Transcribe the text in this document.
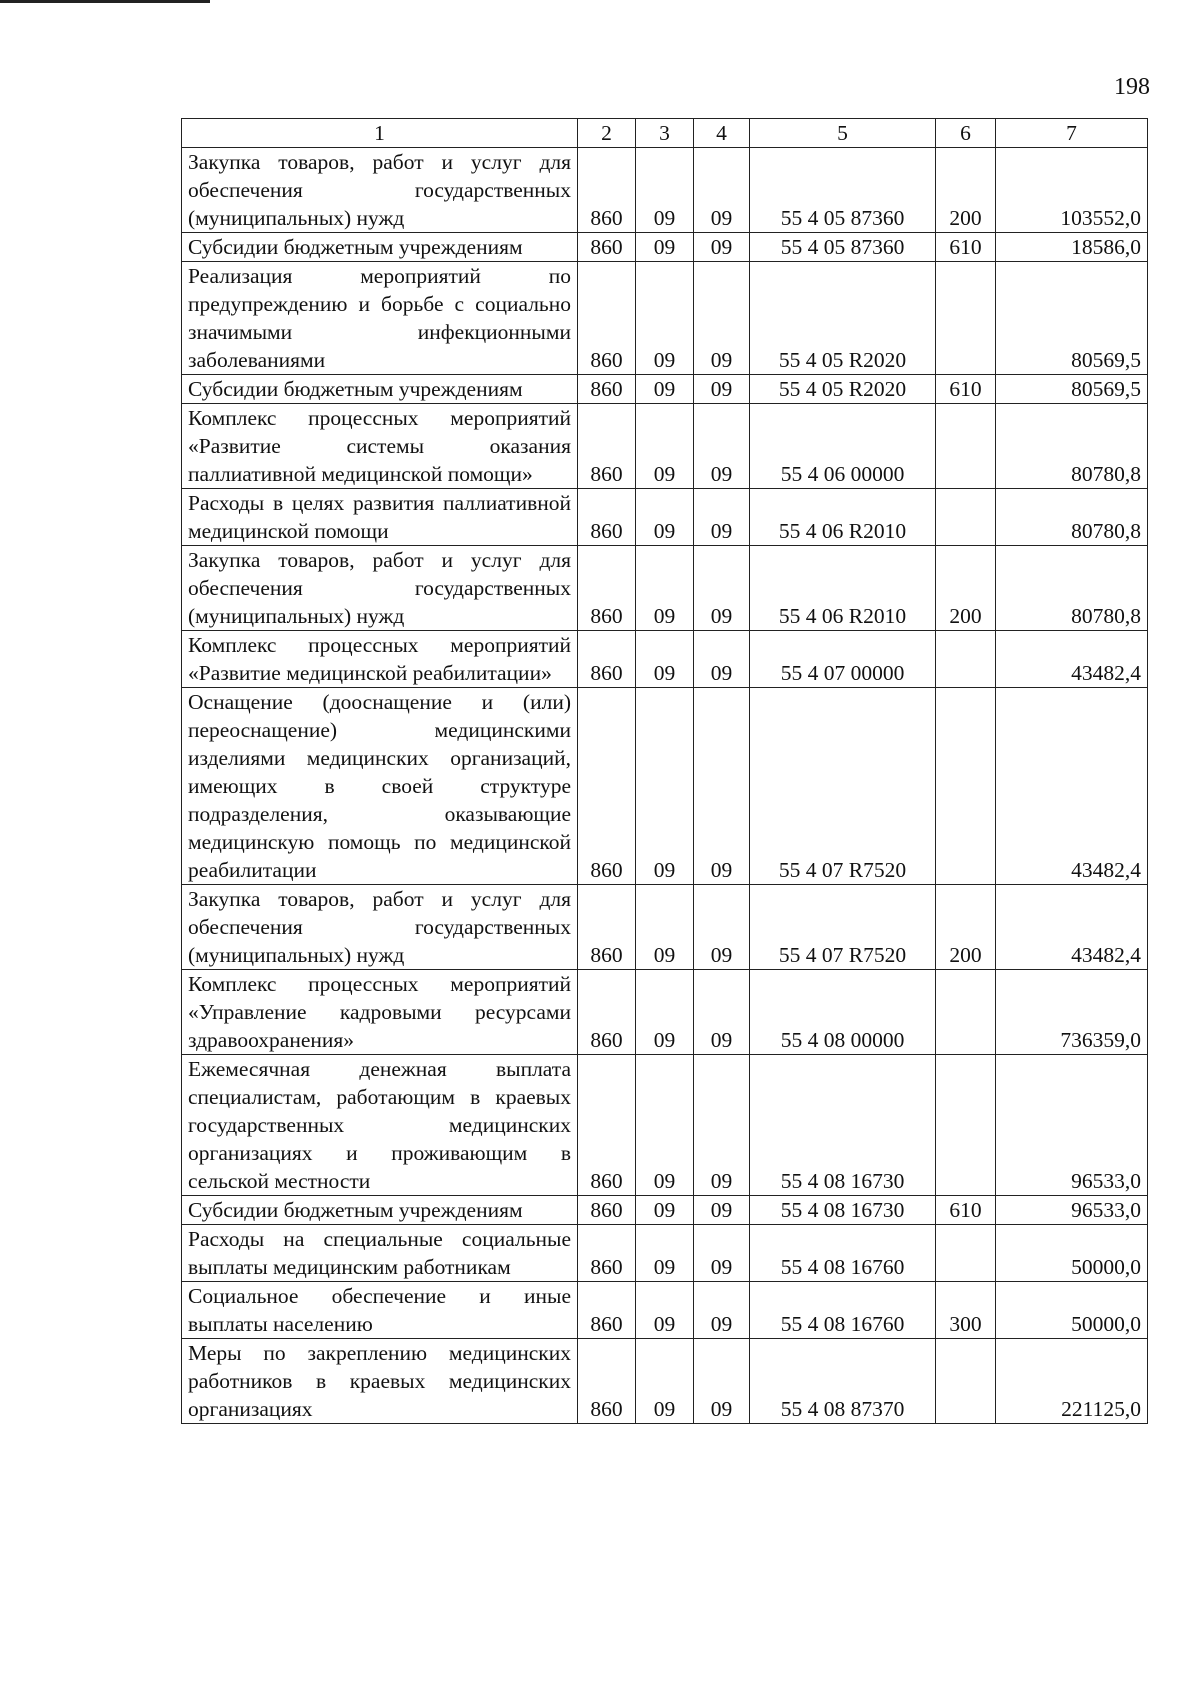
198
1	2	3	4	5	6	7
Закупка товаров, работ и услуг для обеспечения государственных (муниципальных) нужд	860	09	09	55 4 05 87360	200	103552,0
Субсидии бюджетным учреждениям	860	09	09	55 4 05 87360	610	18586,0
Реализация мероприятий по предупреждению и борьбе с социально значимыми инфекционными заболеваниями	860	09	09	55 4 05 R2020		80569,5
Субсидии бюджетным учреждениям	860	09	09	55 4 05 R2020	610	80569,5
Комплекс процессных мероприятий «Развитие системы оказания паллиативной медицинской помощи»	860	09	09	55 4 06 00000		80780,8
Расходы в целях развития паллиативной медицинской помощи	860	09	09	55 4 06 R2010		80780,8
Закупка товаров, работ и услуг для обеспечения государственных (муниципальных) нужд	860	09	09	55 4 06 R2010	200	80780,8
Комплекс процессных мероприятий «Развитие медицинской реабилитации»	860	09	09	55 4 07 00000		43482,4
Оснащение (дооснащение и (или) переоснащение) медицинскими изделиями медицинских организаций, имеющих в своей структуре подразделения, оказывающие медицинскую помощь по медицинской реабилитации	860	09	09	55 4 07 R7520		43482,4
Закупка товаров, работ и услуг для обеспечения государственных (муниципальных) нужд	860	09	09	55 4 07 R7520	200	43482,4
Комплекс процессных мероприятий «Управление кадровыми ресурсами здравоохранения»	860	09	09	55 4 08 00000		736359,0
Ежемесячная денежная выплата специалистам, работающим в краевых государственных медицинских организациях и проживающим в сельской местности	860	09	09	55 4 08 16730		96533,0
Субсидии бюджетным учреждениям	860	09	09	55 4 08 16730	610	96533,0
Расходы на специальные социальные выплаты медицинским работникам	860	09	09	55 4 08 16760		50000,0
Социальное обеспечение и иные выплаты населению	860	09	09	55 4 08 16760	300	50000,0
Меры по закреплению медицинских работников в краевых медицинских организациях	860	09	09	55 4 08 87370		221125,0
